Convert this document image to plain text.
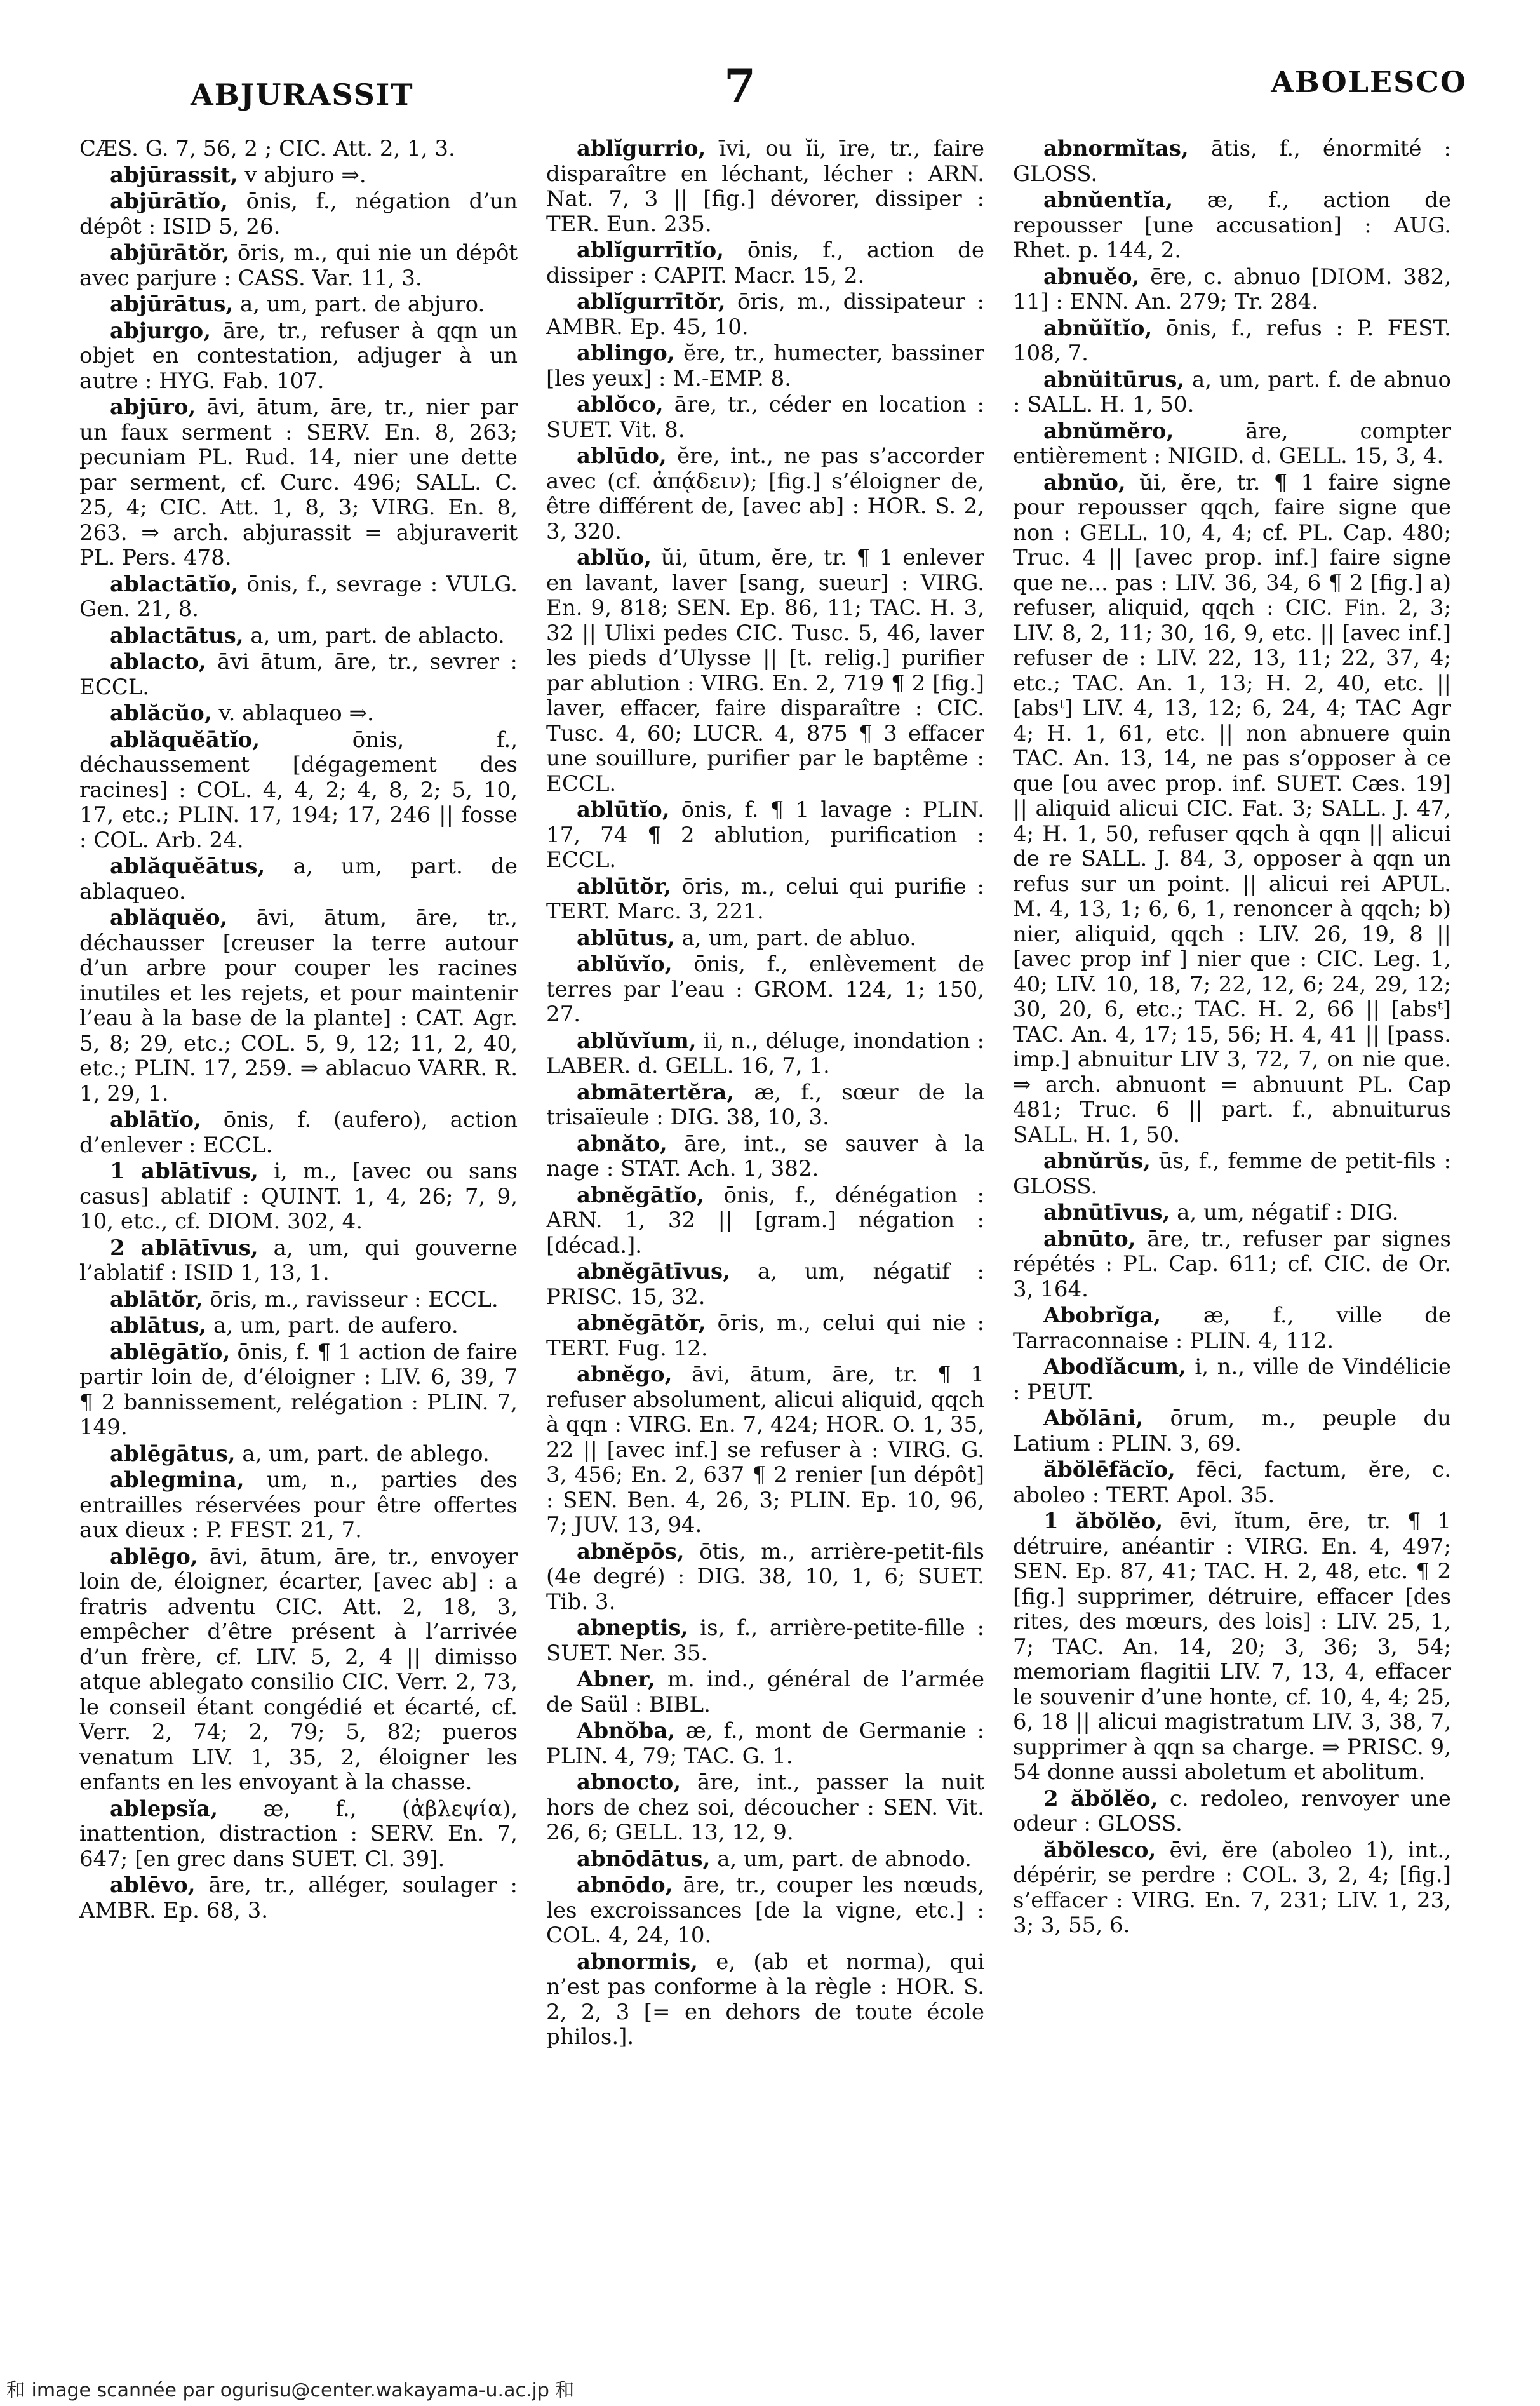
ABJURASSIT	7	ABOLESCO

CÆS. G. 7, 56, 2 ; CIC. Att. 2, 1, 3.

abjūrassit, v abjuro ⇒.

abjūrātĭo, ōnis, f., négation d’un dépôt : ISID 5, 26.

abjūrātŏr, ōris, m., qui nie un dépôt avec parjure : CASS. Var. 11, 3.

abjūrātus, a, um, part. de abjuro.

abjurgo, āre, tr., refuser à qqn un objet en contestation, adjuger à un autre : HYG. Fab. 107.

abjūro, āvi, ātum, āre, tr., nier par un faux serment : SERV. En. 8, 263; pecuniam PL. Rud. 14, nier une dette par serment, cf. Curc. 496; SALL. C. 25, 4; CIC. Att. 1, 8, 3; VIRG. En. 8, 263. ⇒ arch. abjurassit = abjuraverit PL. Pers. 478.

ablactātĭo, ōnis, f., sevrage : VULG. Gen. 21, 8.

ablactātus, a, um, part. de ablacto.

ablacto, āvi ātum, āre, tr., sevrer : ECCL.

ablăcŭo, v. ablaqueo ⇒.

ablăquĕātĭo,	ōnis, f., déchaussement [dégagement des racines] : COL. 4, 4, 2; 4, 8, 2; 5, 10, 17, etc.; PLIN. 17, 194; 17, 246 || fosse : COL. Arb. 24.

ablăquĕātus, a, um, part. de ablaqueo.

ablăquĕo, āvi, ātum, āre, tr., déchausser [creuser la terre autour d’un arbre pour couper les racines inutiles et les rejets, et pour maintenir l’eau à la base de la plante] : CAT. Agr. 5, 8; 29, etc.; COL. 5, 9, 12; 11, 2, 40, etc.; PLIN. 17, 259. ⇒ ablacuo VARR. R. 1, 29, 1.

ablātĭo, ōnis, f. (aufero), action d’enlever : ECCL.

1 ablātīvus, i, m., [avec ou sans casus] ablatif : QUINT. 1, 4, 26; 7, 9, 10, etc., cf. DIOM. 302, 4.

2 ablātīvus, a, um, qui gouverne l’ablatif : ISID 1, 13, 1.

ablātŏr, ōris, m., ravisseur : ECCL.

ablātus, a, um, part. de aufero.

ablēgātĭo, ōnis, f. ¶ 1 action de faire partir loin de, d’éloigner : LIV. 6, 39, 7 ¶ 2 bannissement, relégation : PLIN. 7, 149.

ablēgātus, a, um, part. de ablego.

ablegmina, um, n., parties des entrailles réservées pour être offertes aux dieux : P. FEST. 21, 7.

ablēgo, āvi, ātum, āre, tr., envoyer loin de, éloigner, écarter, [avec ab] : a fratris adventu CIC. Att. 2, 18, 3, empêcher d’être présent à l’arrivée d’un frère, cf. LIV. 5, 2, 4 || dimisso atque ablegato consilio CIC. Verr. 2, 73, le conseil étant congédié et écarté, cf. Verr. 2, 74; 2, 79; 5, 82; pueros venatum LIV. 1, 35, 2, éloigner les enfants en les envoyant à la chasse.

ablepsĭa, æ, f., (ἀβλεψία), inattention, distraction : SERV. En. 7, 647; [en grec dans SUET. Cl. 39].

ablēvo, āre, tr., alléger, soulager : AMBR. Ep. 68, 3.

ablĭgurrio, īvi, ou ĭi, īre, tr., faire disparaître en léchant, lécher : ARN. Nat. 7, 3 || [fig.] dévorer, dissiper : TER. Eun. 235.

ablĭgurrītĭo, ōnis, f., action de dissiper : CAPIT. Macr. 15, 2.

ablĭgurrītŏr, ōris, m., dissipateur : AMBR. Ep. 45, 10.

ablingo, ĕre, tr., humecter, bassiner [les yeux] : M.-EMP. 8.

ablŏco, āre, tr., céder en location : SUET. Vit. 8.

ablūdo, ĕre, int., ne pas s’accorder avec (cf. ἀπᾴδειν); [fig.] s’éloigner de, être différent de, [avec ab] : HOR. S. 2, 3, 320.

ablŭo, ŭi, ūtum, ĕre, tr. ¶ 1 enlever en lavant, laver [sang, sueur] : VIRG. En. 9, 818; SEN. Ep. 86, 11; TAC. H. 3, 32 || Ulixi pedes CIC. Tusc. 5, 46, laver les pieds d’Ulysse || [t. relig.] purifier par ablution : VIRG. En. 2, 719 ¶ 2 [fig.] laver, effacer, faire disparaître : CIC. Tusc. 4, 60; LUCR. 4, 875 ¶ 3 effacer une souillure, purifier par le baptême : ECCL.

ablūtĭo, ōnis, f. ¶ 1 lavage : PLIN. 17, 74 ¶ 2 ablution, purification : ECCL.

ablūtŏr, ōris, m., celui qui purifie : TERT. Marc. 3, 221.

ablūtus, a, um, part. de abluo.

ablŭvĭo, ōnis, f., enlèvement de terres par l’eau : GROM. 124, 1; 150, 27.

ablŭvĭum, ii, n., déluge, inondation : LABER. d. GELL. 16, 7, 1.

abmātertĕra, æ, f., sœur de la trisaïeule : DIG. 38, 10, 3.

abnăto, āre, int., se sauver à la nage : STAT. Ach. 1, 382.

abnĕgātĭo, ōnis, f., dénégation : ARN. 1, 32 || [gram.] négation : [décad.].

abnĕgātīvus, a, um, négatif : PRISC. 15, 32.

abnĕgātŏr, ōris, m., celui qui nie : TERT. Fug. 12.

abnĕgo, āvi, ātum, āre, tr. ¶ 1 refuser absolument, alicui aliquid, qqch à qqn : VIRG. En. 7, 424; HOR. O. 1, 35, 22 || [avec inf.] se refuser à : VIRG. G. 3, 456; En. 2, 637 ¶ 2 renier [un dépôt] : SEN. Ben. 4, 26, 3; PLIN. Ep. 10, 96, 7; JUV. 13, 94.

abnĕpōs, ōtis, m., arrière-petit-fils (4e degré) : DIG. 38, 10, 1, 6; SUET. Tib. 3.

abneptis, is, f., arrière-petite-fille : SUET. Ner. 35.

Abner, m. ind., général de l’armée de Saül : BIBL.

Abnŏba, æ, f., mont de Germanie : PLIN. 4, 79; TAC. G. 1.

abnocto, āre, int., passer la nuit hors de chez soi, découcher : SEN. Vit. 26, 6; GELL. 13, 12, 9.

abnōdātus, a, um, part. de abnodo.

abnōdo, āre, tr., couper les nœuds, les excroissances [de la vigne, etc.] : COL. 4, 24, 10.

abnormis, e, (ab et norma), qui n’est pas conforme à la règle : HOR. S. 2, 2, 3 [= en dehors de toute école philos.].

abnormĭtas, ātis, f., énormité : GLOSS.

abnŭentĭa, æ, f., action de repousser [une accusation] : AUG. Rhet. p. 144, 2.

abnuĕo, ēre, c. abnuo [DIOM. 382, 11] : ENN. An. 279; Tr. 284.

abnŭĭtĭo, ōnis, f., refus : P. FEST. 108, 7.

abnŭitūrus, a, um, part. f. de abnuo : SALL. H. 1, 50.

abnŭmĕro,	āre, compter entièrement : NIGID. d. GELL. 15, 3, 4.

abnŭo, ŭi, ĕre, tr. ¶ 1 faire signe pour repousser qqch, faire signe que non : GELL. 10, 4, 4; cf. PL. Cap. 480; Truc. 4 || [avec prop. inf.] faire signe que ne... pas : LIV. 36, 34, 6 ¶ 2 [fig.] a) refuser, aliquid, qqch : CIC. Fin. 2, 3; LIV. 8, 2, 11; 30, 16, 9, etc. || [avec inf.] refuser de : LIV. 22, 13, 11; 22, 37, 4; etc.; TAC. An. 1, 13; H. 2, 40, etc. || [absᵗ] LIV. 4, 13, 12; 6, 24, 4; TAC Agr 4; H. 1, 61, etc. || non abnuere quin TAC. An. 13, 14, ne pas s’opposer à ce que [ou avec prop. inf. SUET. Cæs. 19] || aliquid alicui CIC. Fat. 3; SALL. J. 47, 4; H. 1, 50, refuser qqch à qqn || alicui de re SALL. J. 84, 3, opposer à qqn un refus sur un point. || alicui rei APUL. M. 4, 13, 1; 6, 6, 1, renoncer à qqch; b) nier, aliquid, qqch : LIV. 26, 19, 8 || [avec prop inf ] nier que : CIC. Leg. 1, 40; LIV. 10, 18, 7; 22, 12, 6; 24, 29, 12; 30, 20, 6, etc.; TAC. H. 2, 66 || [absᵗ] TAC. An. 4, 17; 15, 56; H. 4, 41 || [pass. imp.] abnuitur LIV 3, 72, 7, on nie que. ⇒ arch. abnuont = abnuunt PL. Cap 481; Truc. 6 || part. f., abnuiturus SALL. H. 1, 50.

abnŭrŭs, ūs, f., femme de petit-fils : GLOSS.

abnūtīvus, a, um, négatif : DIG.

abnūto, āre, tr., refuser par signes répétés : PL. Cap. 611; cf. CIC. de Or. 3, 164.

Abobrĭga, æ, f., ville de Tarraconnaise : PLIN. 4, 112.

Abodĭăcum, i, n., ville de Vindélicie : PEUT.

Abŏlāni, ōrum, m., peuple du Latium : PLIN. 3, 69.

ăbŏlēfăcĭo, fēci, factum, ĕre, c. aboleo : TERT. Apol. 35.

1 ăbŏlĕo, ēvi, ĭtum, ēre, tr. ¶ 1 détruire, anéantir : VIRG. En. 4, 497; SEN. Ep. 87, 41; TAC. H. 2, 48, etc. ¶ 2 [fig.] supprimer, détruire, effacer [des rites, des mœurs, des lois] : LIV. 25, 1, 7; TAC. An. 14, 20; 3, 36; 3, 54; memoriam flagitii LIV. 7, 13, 4, effacer le souvenir d’une honte, cf. 10, 4, 4; 25, 6, 18 || alicui magistratum LIV. 3, 38, 7, supprimer à qqn sa charge. ⇒ PRISC. 9, 54 donne aussi aboletum et abolitum.

2 ăbŏlĕo, c. redoleo, renvoyer une odeur : GLOSS.

ăbŏlesco, ēvi, ĕre (aboleo 1), int., dépérir, se perdre : COL. 3, 2, 4; [fig.] s’effacer : VIRG. En. 7, 231; LIV. 1, 23, 3; 3, 55, 6.

和 image scannée par ogurisu@center.wakayama-u.ac.jp 和
